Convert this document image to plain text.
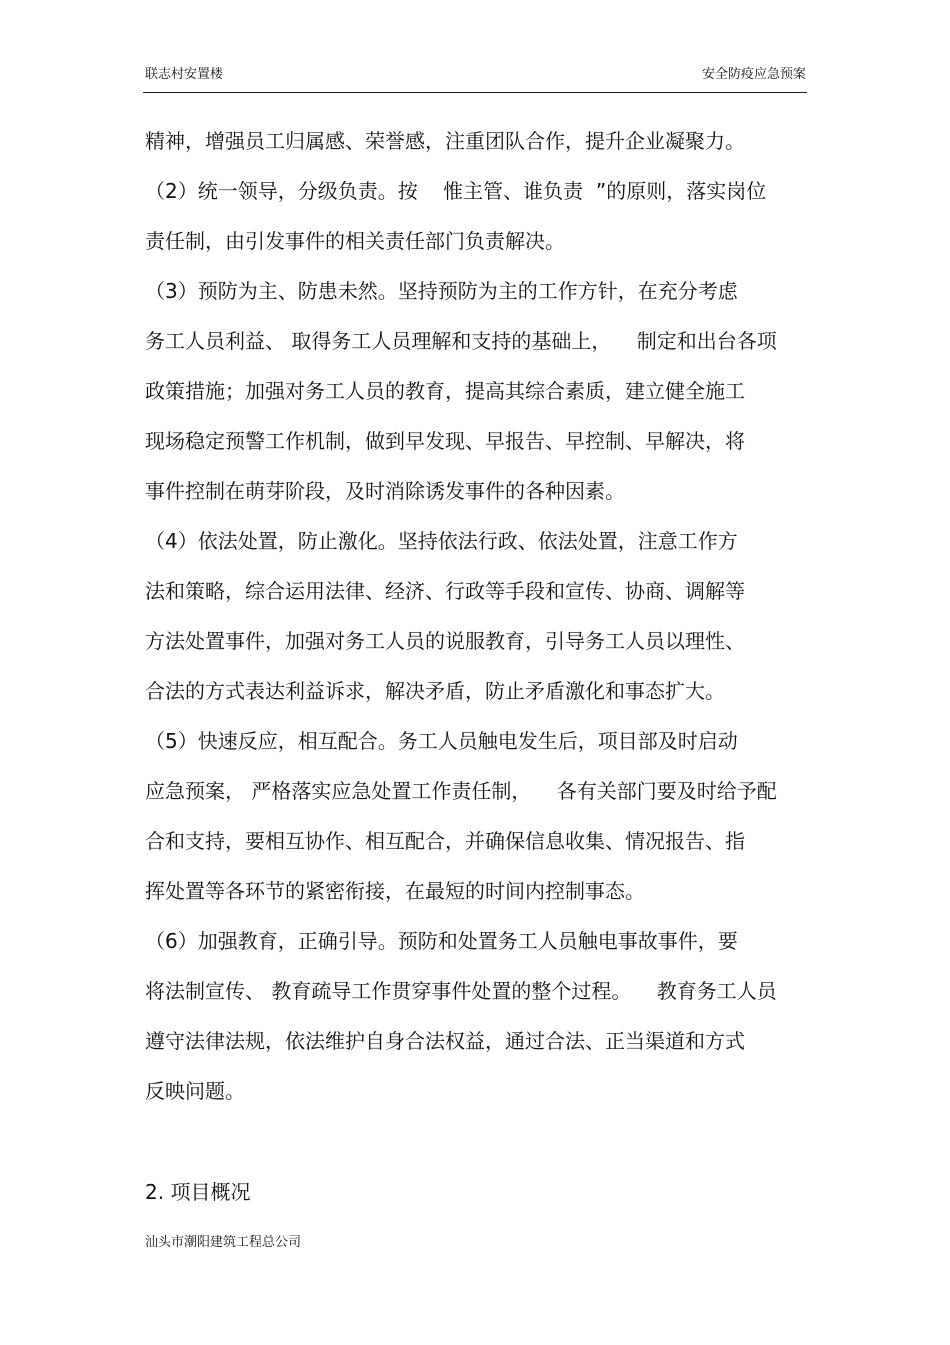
联志村安置楼	安全防疫应急预案
精神，增强员工归属感、荣誉感，注重团队合作，提升企业凝聚力。
（2）统一领导，分级负责。按    惟主管、谁负责  ”的原则，落实岗位
责任制，由引发事件的相关责任部门负责解决。
（3）预防为主、防患未然。坚持预防为主的工作方针，在充分考虑
务工人员利益、 取得务工人员理解和支持的基础上，    制定和出台各项
政策措施；加强对务工人员的教育，提高其综合素质，建立健全施工
现场稳定预警工作机制，做到早发现、早报告、早控制、早解决，将
事件控制在萌芽阶段，及时消除诱发事件的各种因素。
（4）依法处置，防止激化。坚持依法行政、依法处置，注意工作方
法和策略，综合运用法律、经济、行政等手段和宣传、协商、调解等
方法处置事件，加强对务工人员的说服教育，引导务工人员以理性、
合法的方式表达利益诉求，解决矛盾，防止矛盾激化和事态扩大。
（5）快速反应，相互配合。务工人员触电发生后，项目部及时启动
应急预案， 严格落实应急处置工作责任制，    各有关部门要及时给予配
合和支持，要相互协作、相互配合，并确保信息收集、情况报告、指
挥处置等各环节的紧密衔接，在最短的时间内控制事态。
（6）加强教育，正确引导。预防和处置务工人员触电事故事件，要
将法制宣传、 教育疏导工作贯穿事件处置的整个过程。    教育务工人员
遵守法律法规，依法维护自身合法权益，通过合法、正当渠道和方式
反映问题。
2. 项目概况
汕头市潮阳建筑工程总公司
